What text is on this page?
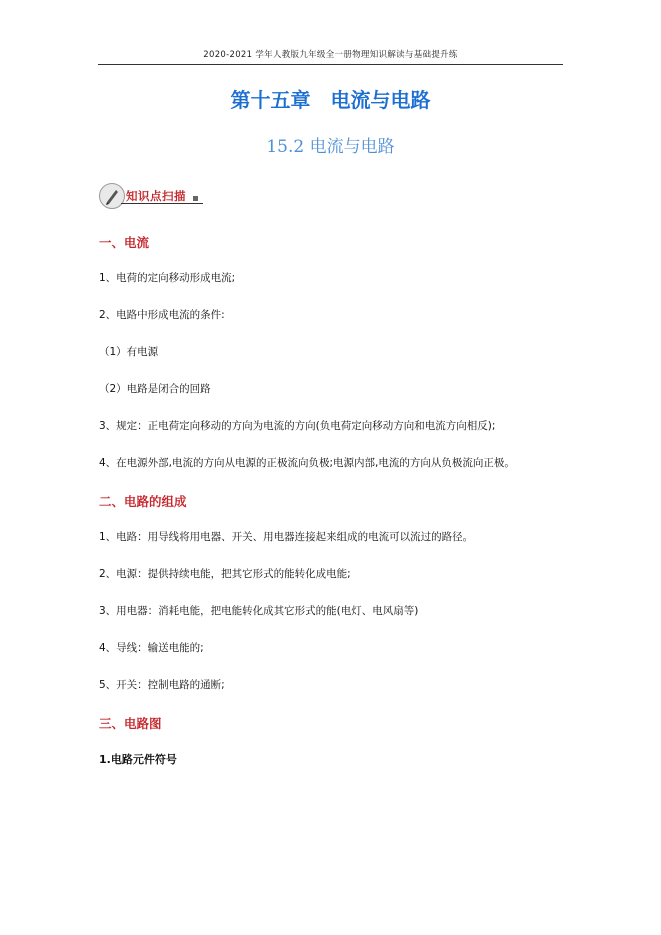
2020-2021 学年人教版九年级全一册物理知识解读与基础提升练
第十五章　电流与电路
15.2 电流与电路
知识点扫描
一、电流
1、电荷的定向移动形成电流;
2、电路中形成电流的条件:
（1）有电源
（2）电路是闭合的回路
3、规定：正电荷定向移动的方向为电流的方向(负电荷定向移动方向和电流方向相反);
4、在电源外部,电流的方向从电源的正极流向负极;电源内部,电流的方向从负极流向正极。
二、电路的组成
1、电路：用导线将用电器、开关、用电器连接起来组成的电流可以流过的路径。
2、电源：提供持续电能，把其它形式的能转化成电能;
3、用电器：消耗电能，把电能转化成其它形式的能(电灯、电风扇等)
4、导线：输送电能的;
5、开关：控制电路的通断;
三、电路图
1.电路元件符号
